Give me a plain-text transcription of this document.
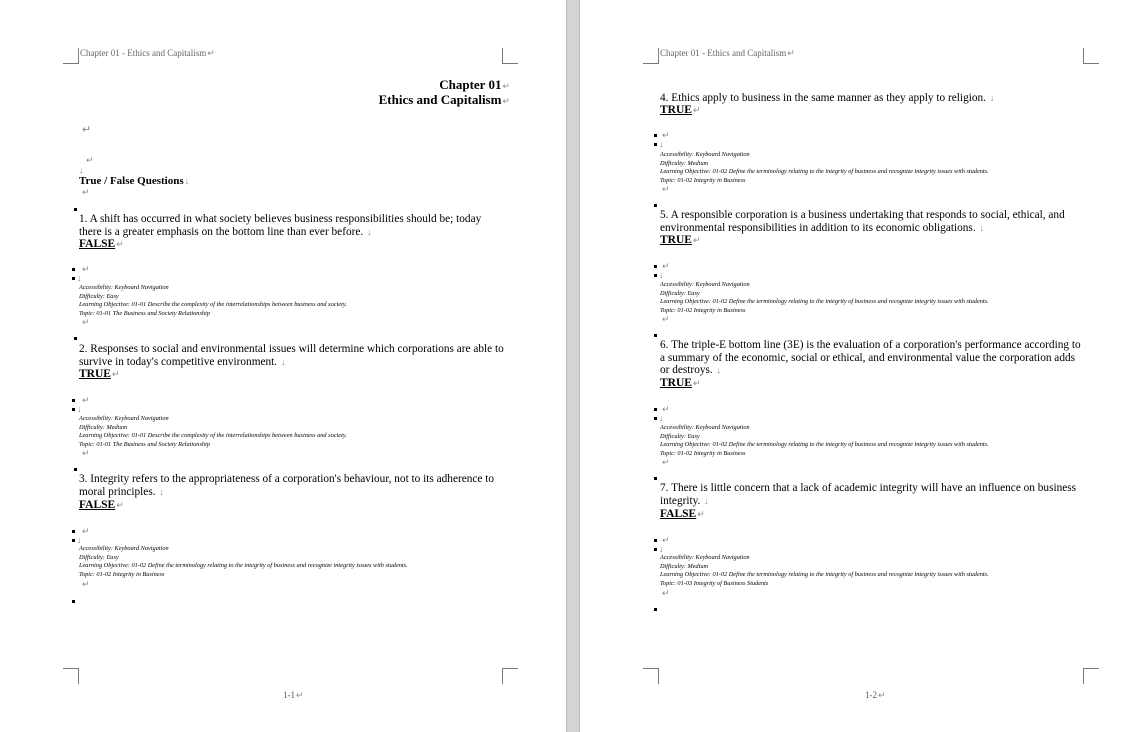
Chapter 01 - Ethics and Capitalism↵
Chapter 01↵
Ethics and Capitalism↵
↵
↵
↓
True / False Questions↓
↵
1. A shift has occurred in what society believes business responsibilities should be; today
there is a greater emphasis on the bottom line than ever before. ↓
FALSE↵
↵
↓
Accessibility: Keyboard Navigation
Difficulty: Easy
Learning Objective: 01-01 Describe the complexity of the interrelationships between business and society.
Topic: 01-01 The Business and Society Relationship
↵
2. Responses to social and environmental issues will determine which corporations are able to
survive in today's competitive environment. ↓
TRUE↵
↵
↓
Accessibility: Keyboard Navigation
Difficulty: Medium
Learning Objective: 01-01 Describe the complexity of the interrelationships between business and society.
Topic: 01-01 The Business and Society Relationship
↵
3. Integrity refers to the appropriateness of a corporation's behaviour, not to its adherence to
moral principles. ↓
FALSE↵
↵
↓
Accessibility: Keyboard Navigation
Difficulty: Easy
Learning Objective: 01-02 Define the terminology relating to the integrity of business and recognize integrity issues with students.
Topic: 01-02 Integrity in Business
↵
1-1↵
Chapter 01 - Ethics and Capitalism↵
4. Ethics apply to business in the same manner as they apply to religion. ↓
TRUE↵
↵
↓
Accessibility: Keyboard Navigation
Difficulty: Medium
Learning Objective: 01-02 Define the terminology relating to the integrity of business and recognize integrity issues with students.
Topic: 01-02 Integrity in Business
↵
5. A responsible corporation is a business undertaking that responds to social, ethical, and
environmental responsibilities in addition to its economic obligations. ↓
TRUE↵
↵
↓
Accessibility: Keyboard Navigation
Difficulty: Easy
Learning Objective: 01-02 Define the terminology relating to the integrity of business and recognize integrity issues with students.
Topic: 01-02 Integrity in Business
↵
6. The triple-E bottom line (3E) is the evaluation of a corporation's performance according to
a summary of the economic, social or ethical, and environmental value the corporation adds
or destroys. ↓
TRUE↵
↵
↓
Accessibility: Keyboard Navigation
Difficulty: Easy
Learning Objective: 01-02 Define the terminology relating to the integrity of business and recognize integrity issues with students.
Topic: 01-02 Integrity in Business
↵
7. There is little concern that a lack of academic integrity will have an influence on business
integrity. ↓
FALSE↵
↵
↓
Accessibility: Keyboard Navigation
Difficulty: Medium
Learning Objective: 01-02 Define the terminology relating to the integrity of business and recognize integrity issues with students.
Topic: 01-03 Integrity of Business Students
↵
1-2↵
